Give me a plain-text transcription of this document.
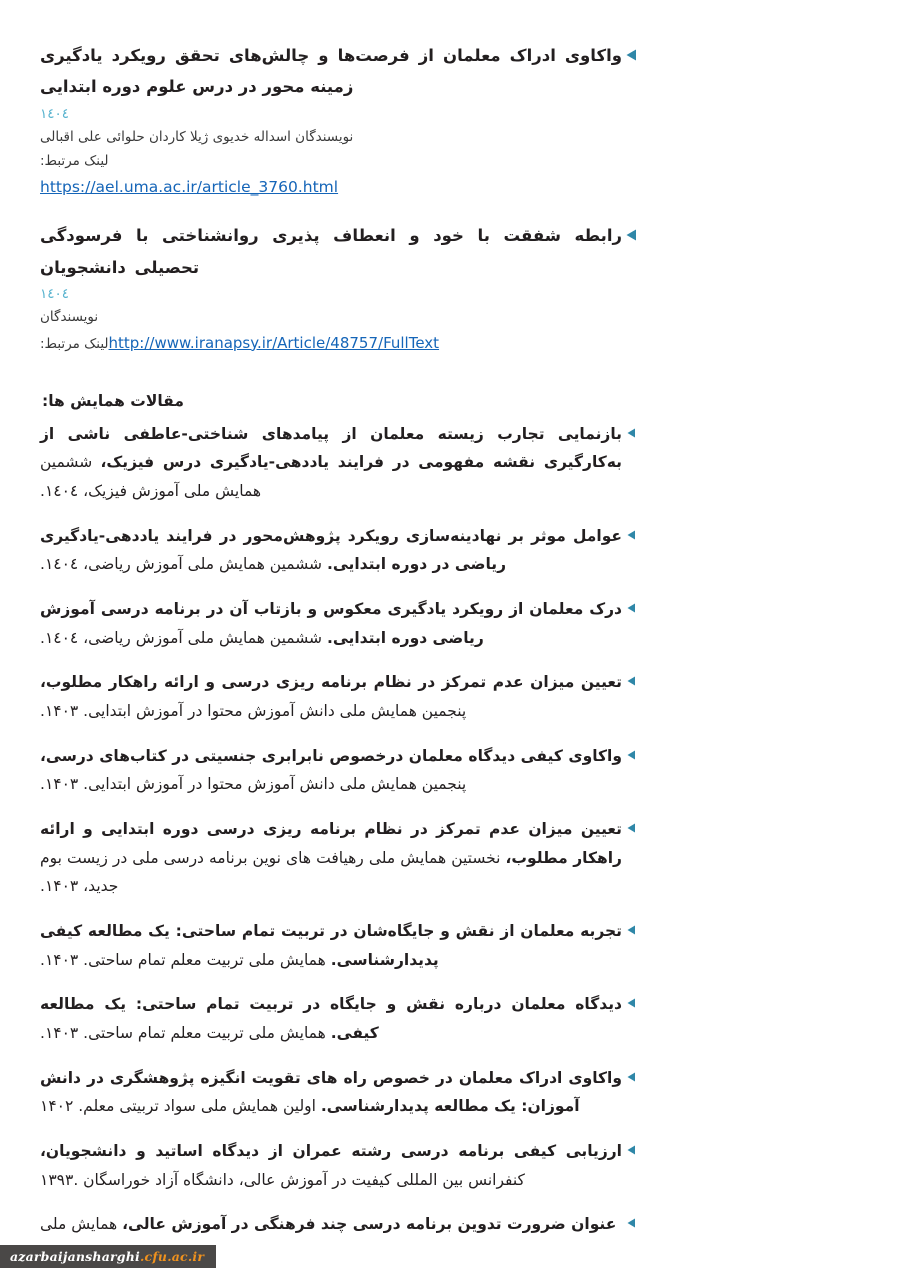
واکاوی ادراک معلمان از فرصت‌ها و چالش‌های تحقق رویکرد یادگیری زمینه محور در درس علوم دوره ابتدایی
١٤٠٤
نویسندگان اسداله خدیوی ژیلا کاردان حلوائی علی اقبالی
لینک مرتبط:
https://ael.uma.ac.ir/article_3760.html
رابطه شفقت با خود و انعطاف پذیری روانشناختی با فرسودگی تحصیلی دانشجویان
١٤٠٤
نویسندگان
http://www.iranapsy.ir/Article/48757/FullTextلینک مرتبط:
مقالات همایش ها:
بازنمایی تجارب زیسته معلمان از پیامدهای شناختی-عاطفی ناشی از به‌کارگیری نقشه مفهومی در فرایند یاددهی-یادگیری درس فیزیک، ششمین همایش ملی آموزش فیزیک، ١٤٠٤.
عوامل موثر بر نهادینه‌سازی رویکرد پژوهش‌محور در فرایند یاددهی-یادگیری ریاضی در دوره ابتدایی. ششمین همایش ملی آموزش ریاضی، ١٤٠٤.
درک معلمان از رویکرد یادگیری معکوس و بازتاب آن در برنامه درسی آموزش ریاضی دوره ابتدایی. ششمین همایش ملی آموزش ریاضی، ١٤٠٤.
تعیین میزان عدم تمرکز در نظام برنامه ریزی درسی و ارائه راهکار مطلوب، پنجمین همایش ملی دانش آموزش محتوا در آموزش ابتدایی. ۱۴۰۳.
واکاوی کیفی دیدگاه معلمان درخصوص نابرابری جنسیتی در کتاب‌های درسی، پنجمین همایش ملی دانش آموزش محتوا در آموزش ابتدایی. ۱۴۰۳.
تعیین میزان عدم تمرکز در نظام برنامه ریزی درسی دوره ابتدایی و ارائه راهکار مطلوب، نخستین همایش ملی رهیافت های نوین برنامه درسی ملی در زیست بوم جدید، ۱۴۰۳.
تجربه معلمان از نقش و جایگاه‌شان در تربیت تمام ساحتی: یک مطالعه کیفی پدیدارشناسی. همایش ملی تربیت معلم تمام ساحتی. ۱۴۰۳.
دیدگاه معلمان درباره نقش و جایگاه در تربیت تمام ساحتی: یک مطالعه کیفی. همایش ملی تربیت معلم تمام ساحتی. ۱۴۰۳.
واکاوی ادراک معلمان در خصوص راه های تقویت انگیزه پژوهشگری در دانش آموزان: یک مطالعه پدیدارشناسی. اولین همایش ملی سواد تربیتی معلم. ۱۴۰۲
ارزیابی کیفی برنامه درسی رشته عمران از دیدگاه اساتید و دانشجویان، کنفرانس بین المللی کیفیت در آموزش عالی، دانشگاه آزاد خوراسگان .۱۳۹۳
عنوان ضرورت تدوین برنامه درسی چند فرهنگی در آموزش عالی، همایش ملی
azarbaijansharghi.cfu.ac.ir
